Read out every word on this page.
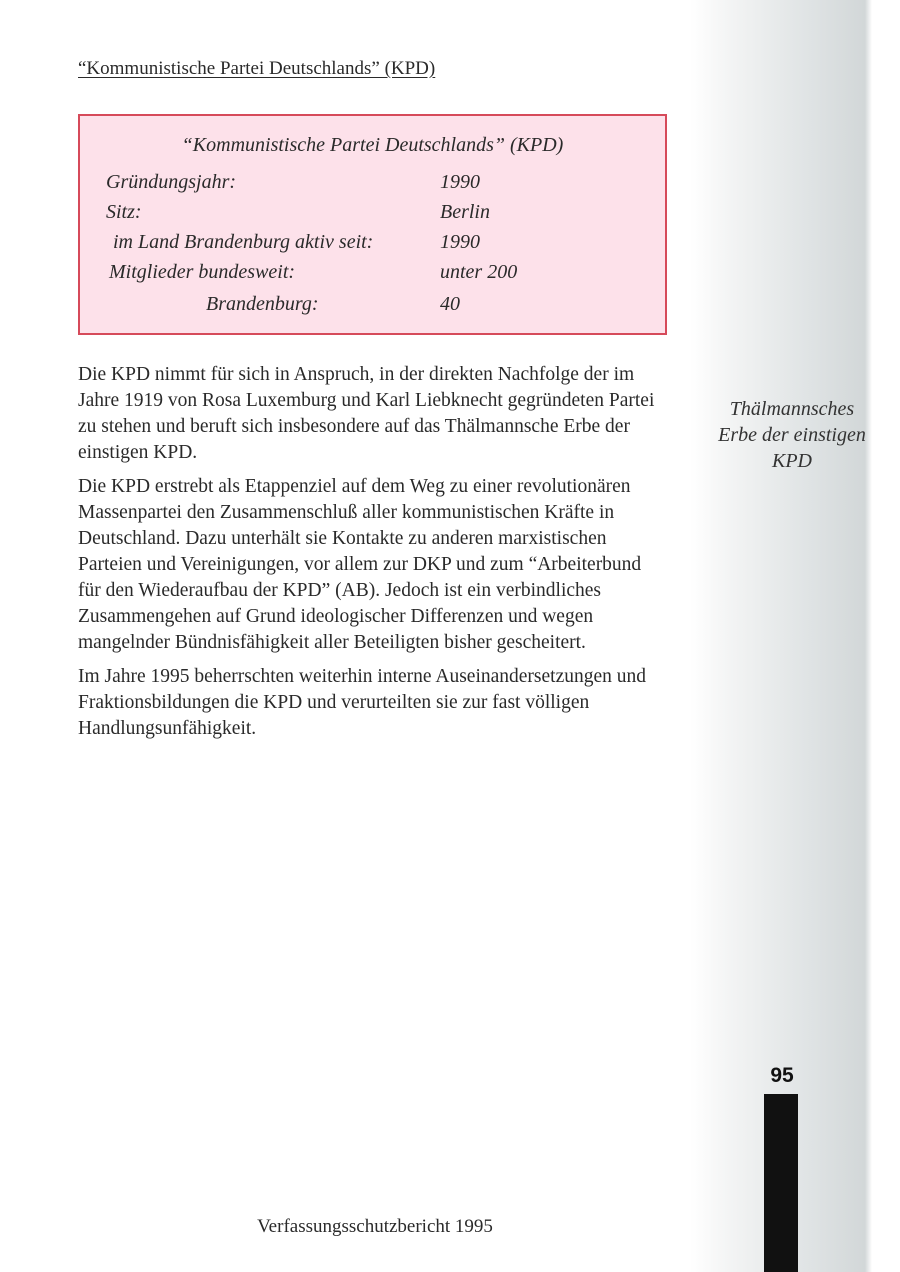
“Kommunistische Partei Deutschlands” (KPD)
“Kommunistische Partei Deutschlands” (KPD)
Gründungsjahr:	1990
Sitz:	Berlin
im Land Brandenburg aktiv seit:	1990
Mitglieder bundesweit:	unter 200
Brandenburg:	40

Die KPD nimmt für sich in Anspruch, in der direkten Nachfolge der im Jahre 1919 von Rosa Luxemburg und Karl Liebknecht gegründeten Partei zu stehen und beruft sich insbesondere auf das Thälmannsche Erbe der einstigen KPD.

Die KPD erstrebt als Etappenziel auf dem Weg zu einer revolutionären Massenpartei den Zusammenschluß aller kommunistischen Kräfte in Deutschland. Dazu unterhält sie Kontakte zu anderen marxistischen Parteien und Vereinigungen, vor allem zur DKP und zum “Arbeiterbund für den Wiederaufbau der KPD” (AB). Jedoch ist ein verbindliches Zusammengehen auf Grund ideologischer Differenzen und wegen mangelnder Bündnisfähigkeit aller Beteiligten bisher gescheitert.

Im Jahre 1995 beherrschten weiterhin interne Auseinandersetzungen und Fraktionsbildungen die KPD und verurteilten sie zur fast völligen Handlungsunfähigkeit.

Thälmannsches Erbe der einstigen KPD
95
Verfassungsschutzbericht 1995
